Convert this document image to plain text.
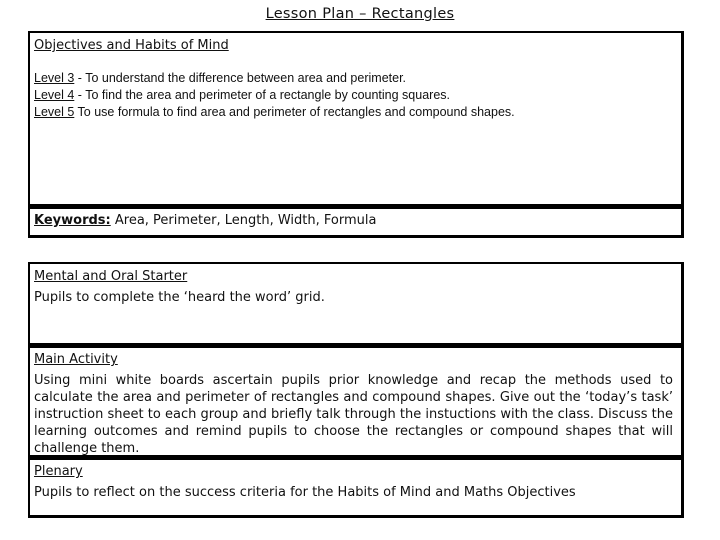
Lesson Plan – Rectangles
Objectives and Habits of Mind
Level 3 - To understand the difference between area and perimeter.
Level 4 - To find the area and perimeter of a rectangle by counting squares.
Level 5 To use formula to find area and perimeter of rectangles and compound shapes.
Keywords: Area, Perimeter, Length, Width, Formula
Mental and Oral Starter
Pupils to complete the ‘heard the word’ grid.
Main Activity
Using mini white boards ascertain pupils prior knowledge and recap the methods used to calculate the area and perimeter of rectangles and compound shapes. Give out the ‘today’s task’ instruction sheet to each group and briefly talk through the instuctions with the class. Discuss the learning outcomes and remind pupils to choose the rectangles or compound shapes that will challenge them.
Plenary
Pupils to reflect on the success criteria for the Habits of Mind and Maths Objectives
